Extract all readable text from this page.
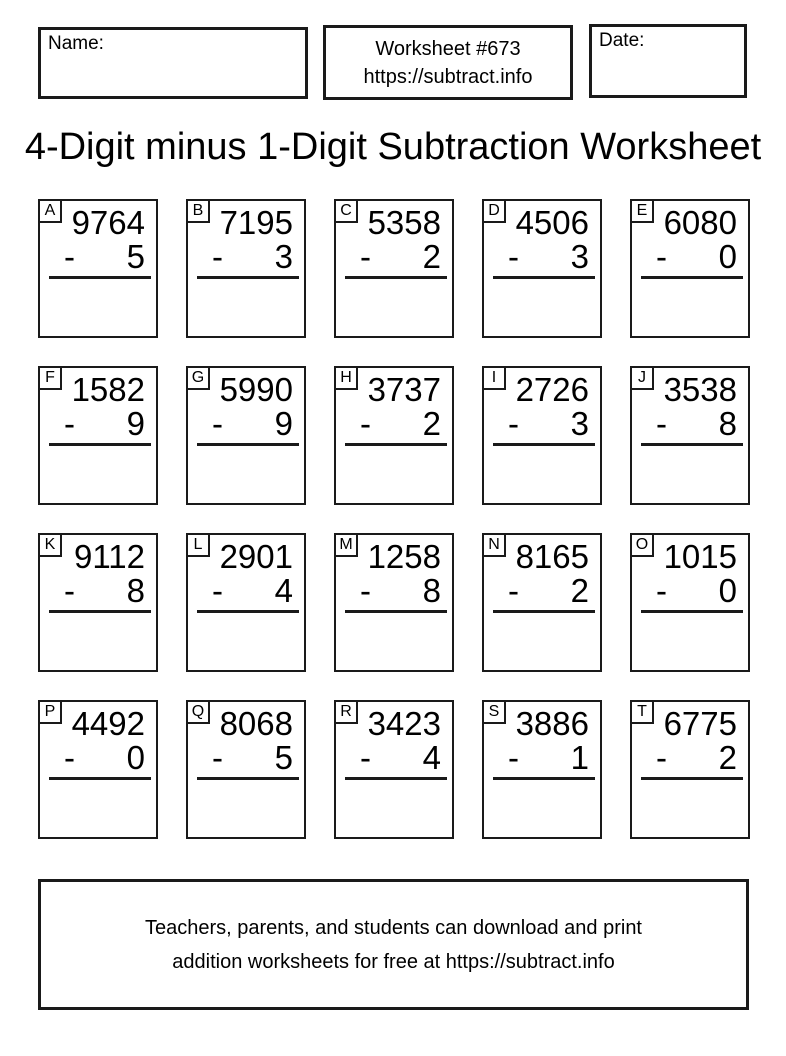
Name:	Worksheet #673
https://subtract.info
Date:
4-Digit minus 1-Digit Subtraction Worksheet
A 9764
- 5
B 7195
- 3
C 5358
- 2
D 4506
- 3
E 6080
- 0
F 1582
- 9
G 5990
- 9
H 3737
- 2
I 2726
- 3
J 3538
- 8
K 9112
- 8
L 2901
- 4
M 1258
- 8
N 8165
- 2
O 1015
- 0
P 4492
- 0
Q 8068
- 5
R 3423
- 4
S 3886
- 1
T 6775
- 2
Teachers, parents, and students can download and print
addition worksheets for free at https://subtract.info
